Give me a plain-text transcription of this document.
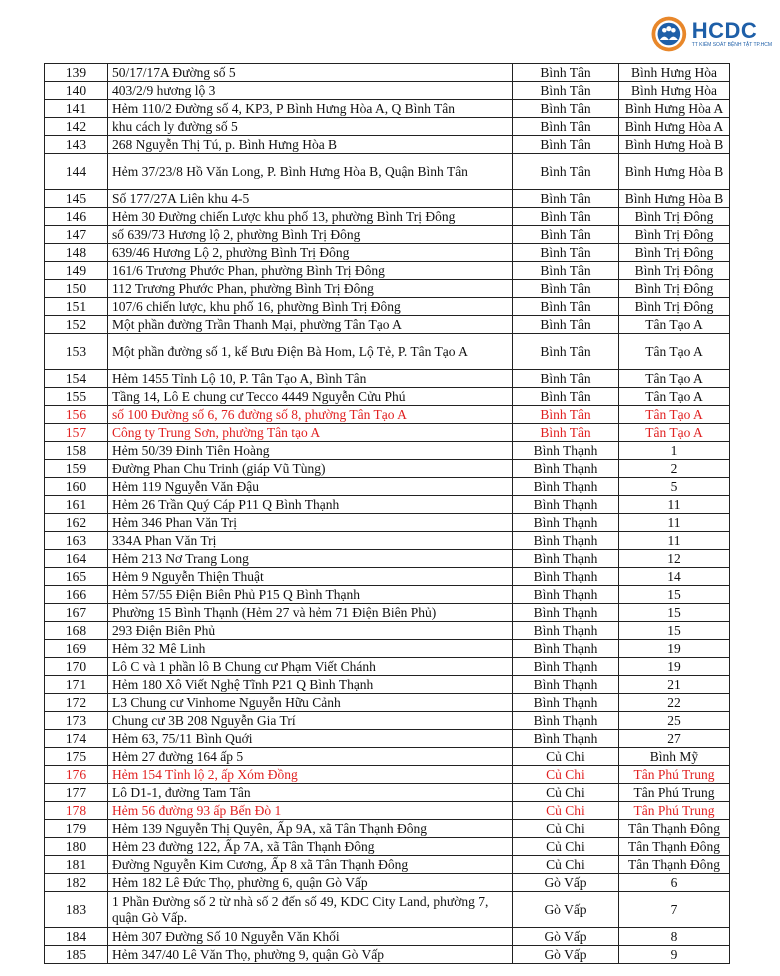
HCDC
TT KIỂM SOÁT BỆNH TẬT TP.HCM
139	50/17/17A Đường số 5	Bình Tân	Bình Hưng Hòa
140	403/2/9 hương lộ 3	Bình Tân	Bình Hưng Hòa
141	Hẻm 110/2 Đường số 4, KP3, P Bình Hưng Hòa A, Q Bình Tân	Bình Tân	Bình Hưng Hòa A
142	khu cách ly đường số 5	Bình Tân	Bình Hưng Hòa A
143	268 Nguyễn Thị Tú, p. Bình Hưng Hòa B	Bình Tân	Bình Hưng Hoà B
144	Hẻm 37/23/8 Hồ Văn Long, P. Bình Hưng Hòa B, Quận Bình Tân	Bình Tân	Bình Hưng Hòa B
145	Số 177/27A Liên khu 4-5	Bình Tân	Bình Hưng Hòa B
146	Hẻm 30 Đường chiến Lược khu phố 13, phường Bình Trị Đông	Bình Tân	Bình Trị Đông
147	số 639/73 Hương lộ 2, phường Bình Trị Đông	Bình Tân	Bình Trị Đông
148	639/46 Hương Lộ 2, phường Bình Trị Đông	Bình Tân	Bình Trị Đông
149	161/6 Trương Phước Phan, phường Bình Trị Đông	Bình Tân	Bình Trị Đông
150	112 Trương Phước Phan, phường Bình Trị Đông	Bình Tân	Bình Trị Đông
151	107/6 chiến lược, khu phố 16, phường Bình Trị Đông	Bình Tân	Bình Trị Đông
152	Một phần đường Trần Thanh Mại, phường Tân Tạo A	Bình Tân	Tân Tạo A
153	Một phần đường số 1, kế Bưu Điện Bà Hom, Lộ Tẻ, P. Tân Tạo A	Bình Tân	Tân Tạo A
154	Hẻm 1455 Tỉnh Lộ 10, P. Tân Tạo A, Bình Tân	Bình Tân	Tân Tạo A
155	Tầng 14, Lô E chung cư Tecco 4449 Nguyễn Cửu Phú	Bình Tân	Tân Tạo A
156	số 100 Đường số 6, 76 đường số 8, phường Tân Tạo A	Bình Tân	Tân Tạo A
157	Công ty Trung Sơn, phường Tân tạo A	Bình Tân	Tân Tạo A
158	Hẻm 50/39 Đinh Tiên Hoàng	Bình Thạnh	1
159	Đường Phan Chu Trinh (giáp Vũ Tùng)	Bình Thạnh	2
160	Hẻm 119 Nguyễn Văn Đậu	Bình Thạnh	5
161	Hẻm 26 Trần Quý Cáp P11 Q Bình Thạnh	Bình Thạnh	11
162	Hẻm 346 Phan Văn Trị	Bình Thạnh	11
163	334A Phan Văn Trị	Bình Thạnh	11
164	Hẻm 213 Nơ Trang Long	Bình Thạnh	12
165	Hẻm 9 Nguyễn Thiện Thuật	Bình Thạnh	14
166	Hẻm 57/55 Điện Biên Phủ P15 Q Bình Thạnh	Bình Thạnh	15
167	Phường 15 Bình Thạnh (Hẻm 27 và hẻm 71 Điện Biên Phủ)	Bình Thạnh	15
168	293 Điện Biên Phủ	Bình Thạnh	15
169	Hẻm 32 Mê Linh	Bình Thạnh	19
170	Lô C và 1 phần lô B Chung cư Phạm Viết Chánh	Bình Thạnh	19
171	Hẻm 180 Xô Viết Nghệ Tĩnh P21 Q Bình Thạnh	Bình Thạnh	21
172	L3 Chung cư Vinhome Nguyễn Hữu Cảnh	Bình Thạnh	22
173	Chung cư 3B 208 Nguyễn Gia Trí	Bình Thạnh	25
174	Hẻm 63, 75/11 Bình Quới	Bình Thạnh	27
175	Hẻm 27 đường 164 ấp 5	Củ Chi	Bình Mỹ
176	Hẻm 154 Tỉnh lộ 2, ấp Xóm Đồng	Củ Chi	Tân Phú Trung
177	Lô D1-1, đường Tam Tân	Củ Chi	Tân Phú Trung
178	Hẻm 56 đường 93 ấp Bến Đò 1	Củ Chi	Tân Phú Trung
179	Hẻm 139 Nguyễn Thị Quyên, Ấp 9A, xã Tân Thạnh Đông	Củ Chi	Tân Thạnh Đông
180	Hẻm 23 đường 122, Ấp 7A, xã Tân Thạnh Đông	Củ Chi	Tân Thạnh Đông
181	Đường Nguyễn Kim Cương, Ấp 8 xã Tân Thạnh Đông	Củ Chi	Tân Thạnh Đông
182	Hẻm 182 Lê Đức Thọ, phường 6, quận Gò Vấp	Gò Vấp	6
183	1 Phần Đường số 2 từ nhà số 2 đến số 49, KDC City Land, phường 7, quận Gò Vấp.	Gò Vấp	7
184	Hẻm 307 Đường Số 10 Nguyễn Văn Khối	Gò Vấp	8
185	Hẻm 347/40 Lê Văn Thọ, phường 9, quận Gò Vấp	Gò Vấp	9
